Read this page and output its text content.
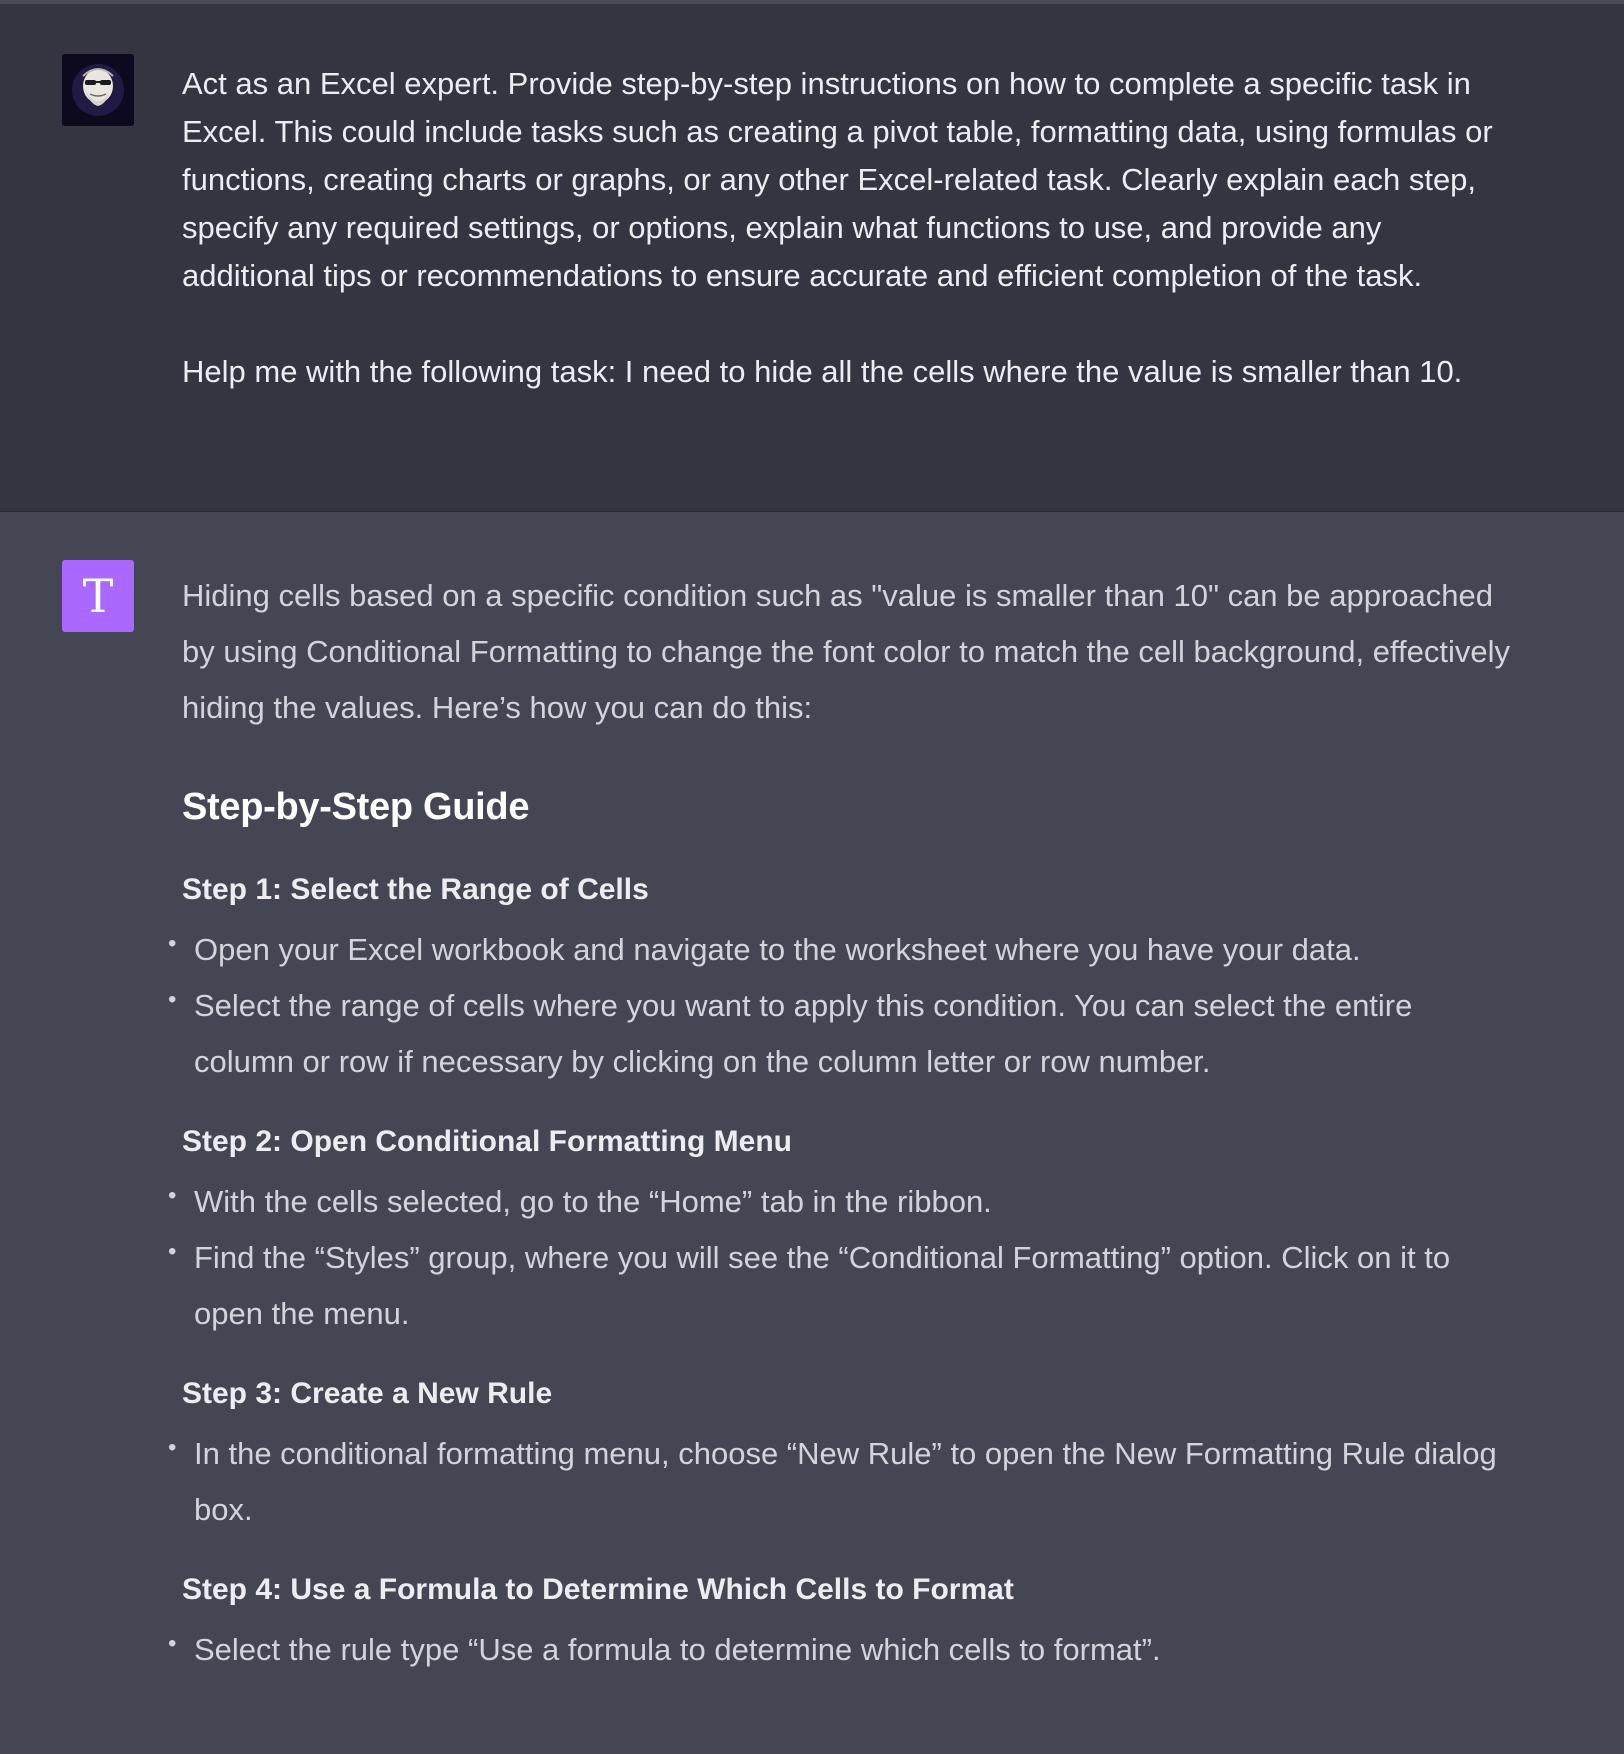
Act as an Excel expert. Provide step-by-step instructions on how to complete a specific task in Excel. This could include tasks such as creating a pivot table, formatting data, using formulas or functions, creating charts or graphs, or any other Excel-related task. Clearly explain each step, specify any required settings, or options, explain what functions to use, and provide any additional tips or recommendations to ensure accurate and efficient completion of the task.

Help me with the following task: I need to hide all the cells where the value is smaller than 10.

T Hiding cells based on a specific condition such as "value is smaller than 10" can be approached by using Conditional Formatting to change the font color to match the cell background, effectively hiding the values. Here’s how you can do this:

Step-by-Step Guide
Step 1: Select the Range of Cells
• Open your Excel workbook and navigate to the worksheet where you have your data.
• Select the range of cells where you want to apply this condition. You can select the entire column or row if necessary by clicking on the column letter or row number.
Step 2: Open Conditional Formatting Menu
• With the cells selected, go to the “Home” tab in the ribbon.
• Find the “Styles” group, where you will see the “Conditional Formatting” option. Click on it to open the menu.
Step 3: Create a New Rule
• In the conditional formatting menu, choose “New Rule” to open the New Formatting Rule dialog box.
Step 4: Use a Formula to Determine Which Cells to Format
• Select the rule type “Use a formula to determine which cells to format”.
